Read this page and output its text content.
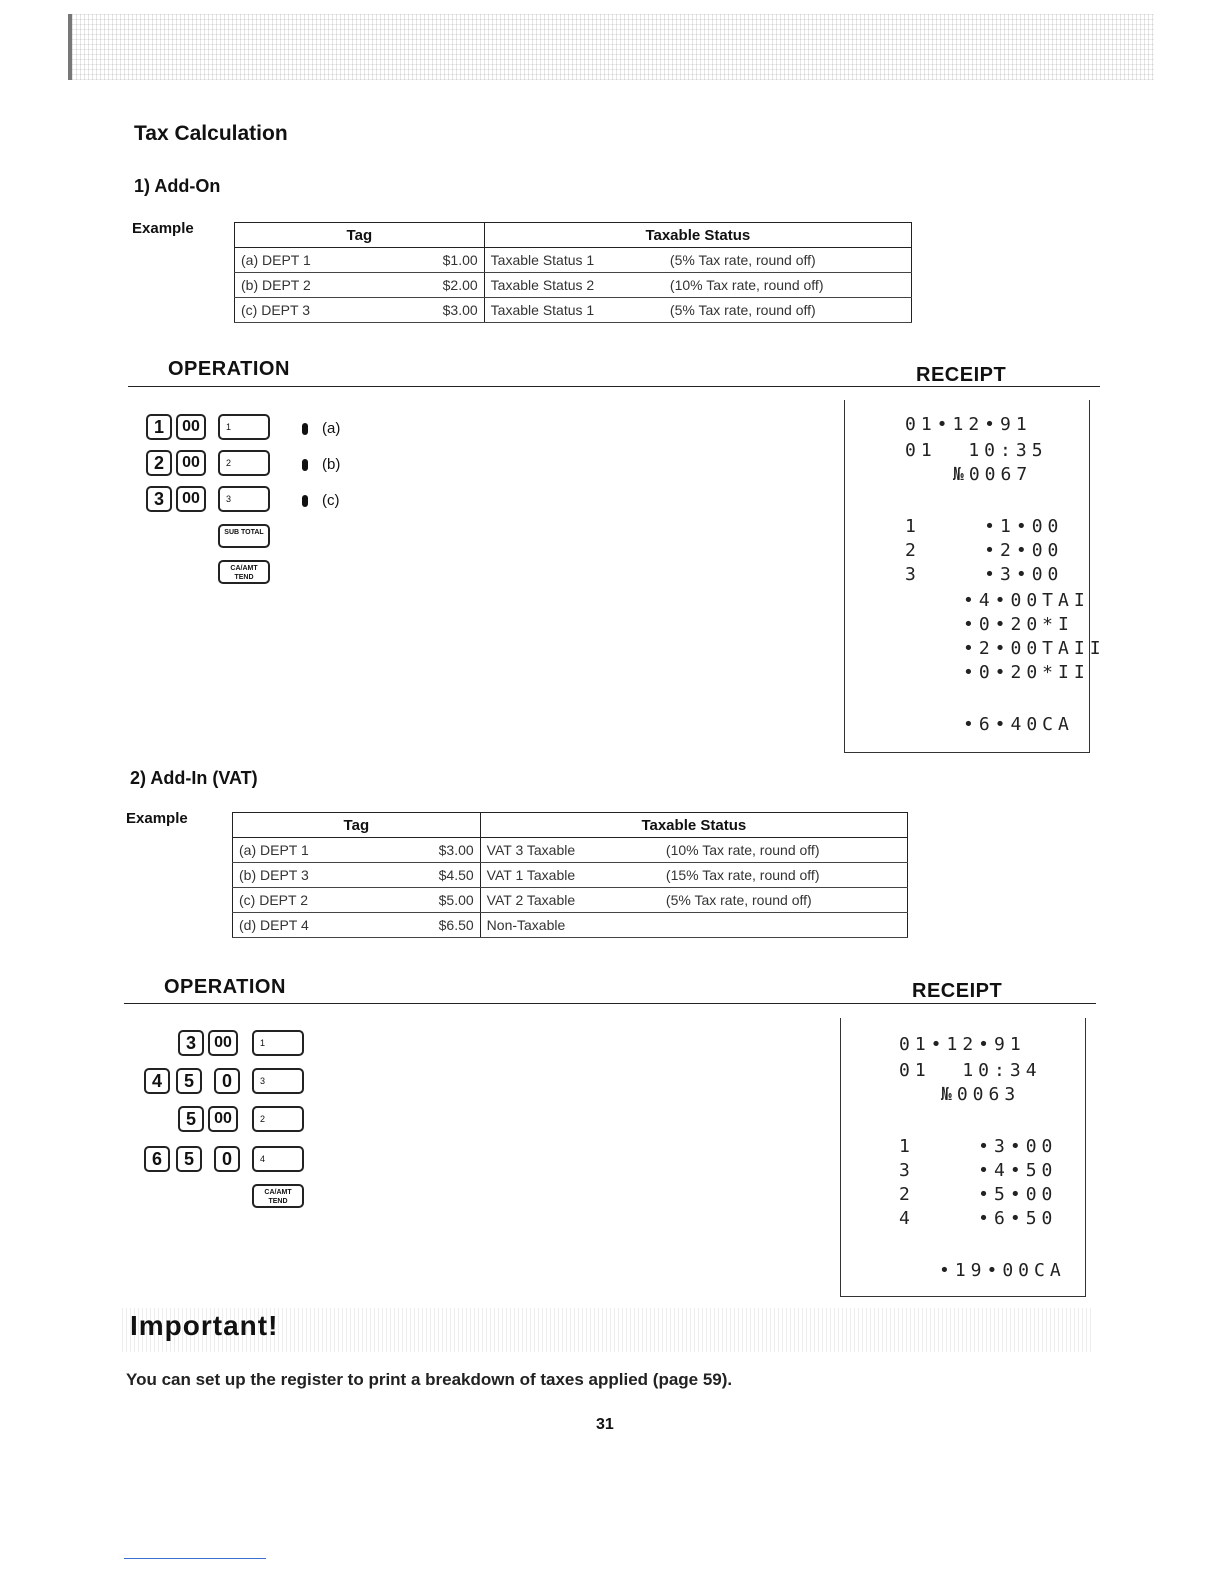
Tax Calculation
1) Add-On
Example	Tag		Taxable Status	
(a) DEPT 1	$1.00	Taxable Status 1	(5% Tax rate, round off)
(b) DEPT 2	$2.00	Taxable Status 2	(10% Tax rate, round off)
(c) DEPT 3	$3.00	Taxable Status 1	(5% Tax rate, round off)
OPERATION	RECEIPT
1	00	1	(a)
2	00	2	(b)
3	00	3	(c)
SUB TOTAL
CA/AMT TEND
01•12•91
01  10:35
№0067
1    •1•00
2    •2•00
3    •3•00
•4•00TAI
•0•20*I
•2•00TAII
•0•20*II
•6•40CA
2) Add-In (VAT)
Example	Tag		Taxable Status	
(a) DEPT 1	$3.00	VAT 3 Taxable	(10% Tax rate, round off)
(b) DEPT 3	$4.50	VAT 1 Taxable	(15% Tax rate, round off)
(c) DEPT 2	$5.00	VAT 2 Taxable	(5% Tax rate, round off)
(d) DEPT 4	$6.50	Non-Taxable	
OPERATION	RECEIPT
3	00	1
4	5	0	3
5	00	2
6	5	0	4
CA/AMT TEND
01•12•91
01  10:34
№0063
1    •3•00
3    •4•50
2    •5•00
4    •6•50
•19•00CA
Important!
You can set up the register to print a breakdown of taxes applied (page 59).
31
